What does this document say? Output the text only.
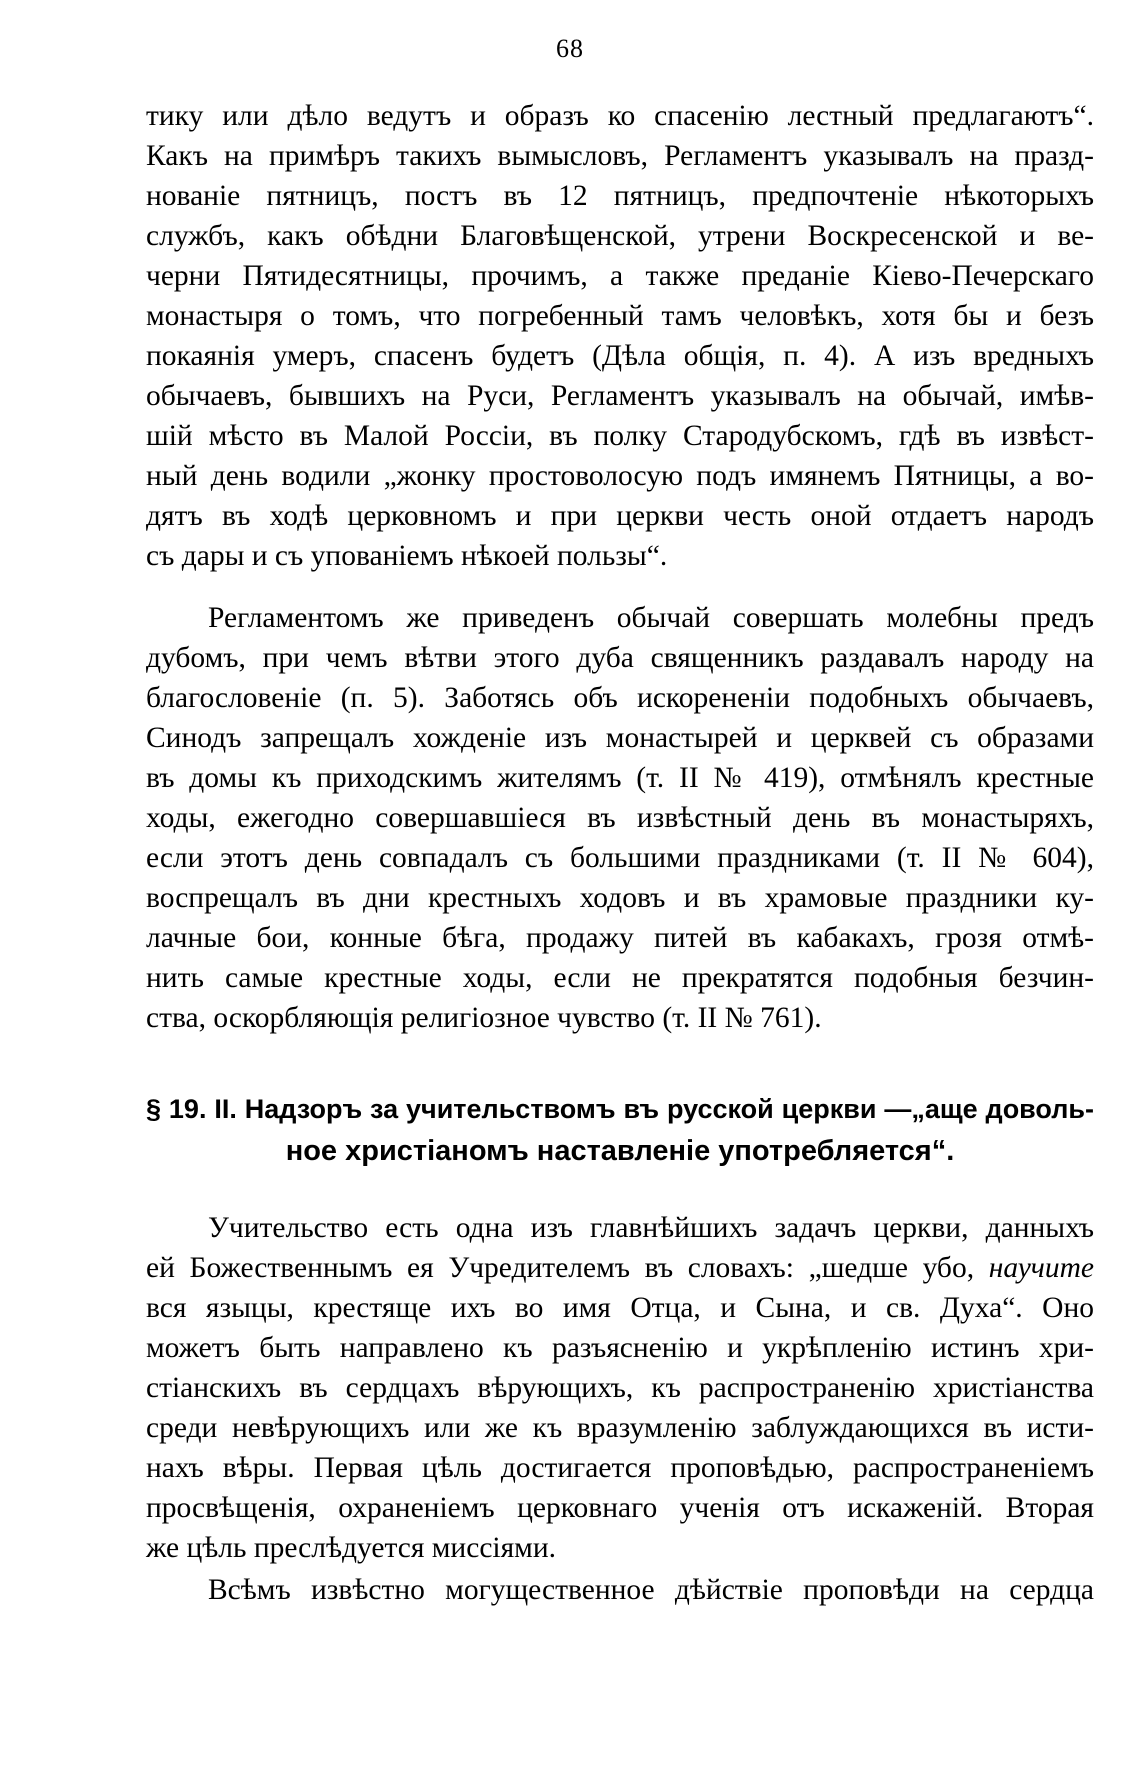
68
тику или дѣло ведутъ и образъ ко спасенію лестный предлагаютъ“.
Какъ на примѣръ такихъ вымысловъ, Регламентъ указывалъ на празд-
нованіе пятницъ, постъ въ 12 пятницъ, предпочтеніе нѣкоторыхъ
службъ, какъ обѣдни Благовѣщенской, утрени Воскресенской и ве-
черни Пятидесятницы, прочимъ, а также преданіе Кіево-Печерскаго
монастыря о томъ, что погребенный тамъ человѣкъ, хотя бы и безъ
покаянія умеръ, спасенъ будетъ (Дѣла общія, п. 4). А изъ вредныхъ
обычаевъ, бывшихъ на Руси, Регламентъ указывалъ на обычай, имѣв-
шій мѣсто въ Малой Россіи, въ полку Стародубскомъ, гдѣ въ извѣст-
ный день водили „жонку простоволосую подъ имянемъ Пятницы, а во-
дятъ въ ходѣ церковномъ и при церкви честь оной отдаетъ народъ
съ дары и съ упованіемъ нѣкоей пользы“.
Регламентомъ же приведенъ обычай совершать молебны предъ
дубомъ, при чемъ вѣтви этого дуба священникъ раздавалъ народу на
благословеніе (п. 5). Заботясь объ искорененіи подобныхъ обычаевъ,
Синодъ запрещалъ хожденіе изъ монастырей и церквей съ образами
въ домы къ приходскимъ жителямъ (т. II № 419), отмѣнялъ крестные
ходы, ежегодно совершавшіеся въ извѣстный день въ монастыряхъ,
если этотъ день совпадалъ съ большими праздниками (т. II № 604),
воспрещалъ въ дни крестныхъ ходовъ и въ храмовые праздники ку-
лачные бои, конные бѣга, продажу питей въ кабакахъ, грозя отмѣ-
нить самые крестные ходы, если не прекратятся подобныя безчин-
ства, оскорбляющія религіозное чувство (т. II № 761).
§ 19. II. Надзоръ за учительствомъ въ русской церкви —„аще доволь-
ное христіаномъ наставленіе употребляется“.
Учительство есть одна изъ главнѣйшихъ задачъ церкви, данныхъ
ей Божественнымъ ея Учредителемъ въ словахъ: „шедше убо, научите
вся языцы, крестяще ихъ во имя Отца, и Сына, и св. Духа“. Оно
можетъ быть направлено къ разъясненію и укрѣпленію истинъ хри-
стіанскихъ въ сердцахъ вѣрующихъ, къ распространенію христіанства
среди невѣрующихъ или же къ вразумленію заблуждающихся въ исти-
нахъ вѣры. Первая цѣль достигается проповѣдью, распространеніемъ
просвѣщенія, охраненіемъ церковнаго ученія отъ искаженій. Вторая
же цѣль преслѣдуется миссіями.
Всѣмъ извѣстно могущественное дѣйствіе проповѣди на сердца
